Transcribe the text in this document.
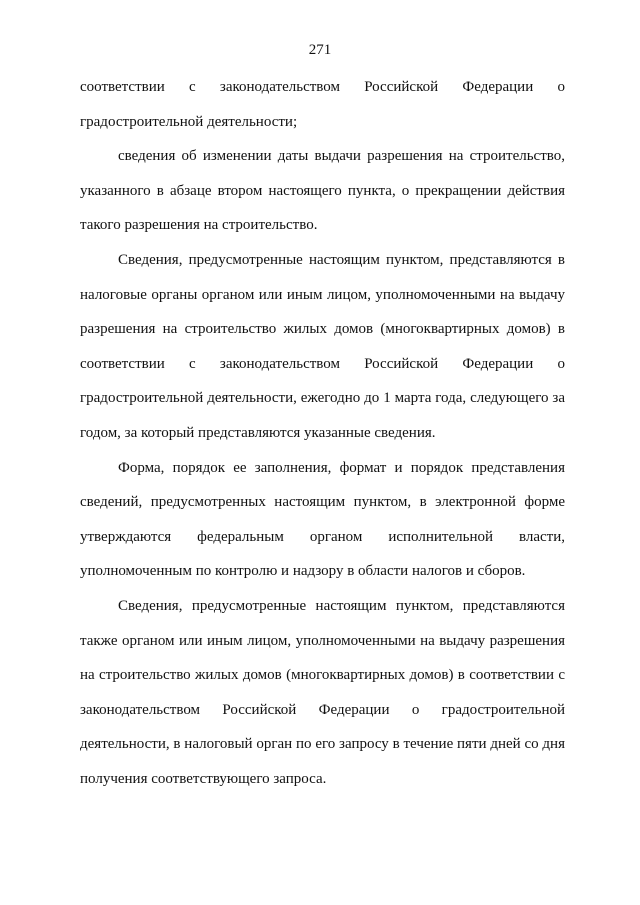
271
соответствии с законодательством Российской Федерации о
градостроительной деятельности;
сведения об изменении даты выдачи разрешения на строительство,
указанного в абзаце втором настоящего пункта, о прекращении действия
такого разрешения на строительство.
Сведения, предусмотренные настоящим пунктом, представляются в
налоговые органы органом или иным лицом, уполномоченными на выдачу
разрешения на строительство жилых домов (многоквартирных домов) в
соответствии с законодательством Российской Федерации о
градостроительной деятельности, ежегодно до 1 марта года, следующего за
годом, за который представляются указанные сведения.
Форма, порядок ее заполнения, формат и порядок представления
сведений, предусмотренных настоящим пунктом, в электронной форме
утверждаются федеральным органом исполнительной власти,
уполномоченным по контролю и надзору в области налогов и сборов.
Сведения, предусмотренные настоящим пунктом, представляются
также органом или иным лицом, уполномоченными на выдачу разрешения
на строительство жилых домов (многоквартирных домов) в соответствии с
законодательством Российской Федерации о градостроительной
деятельности, в налоговый орган по его запросу в течение пяти дней со дня
получения соответствующего запроса.
